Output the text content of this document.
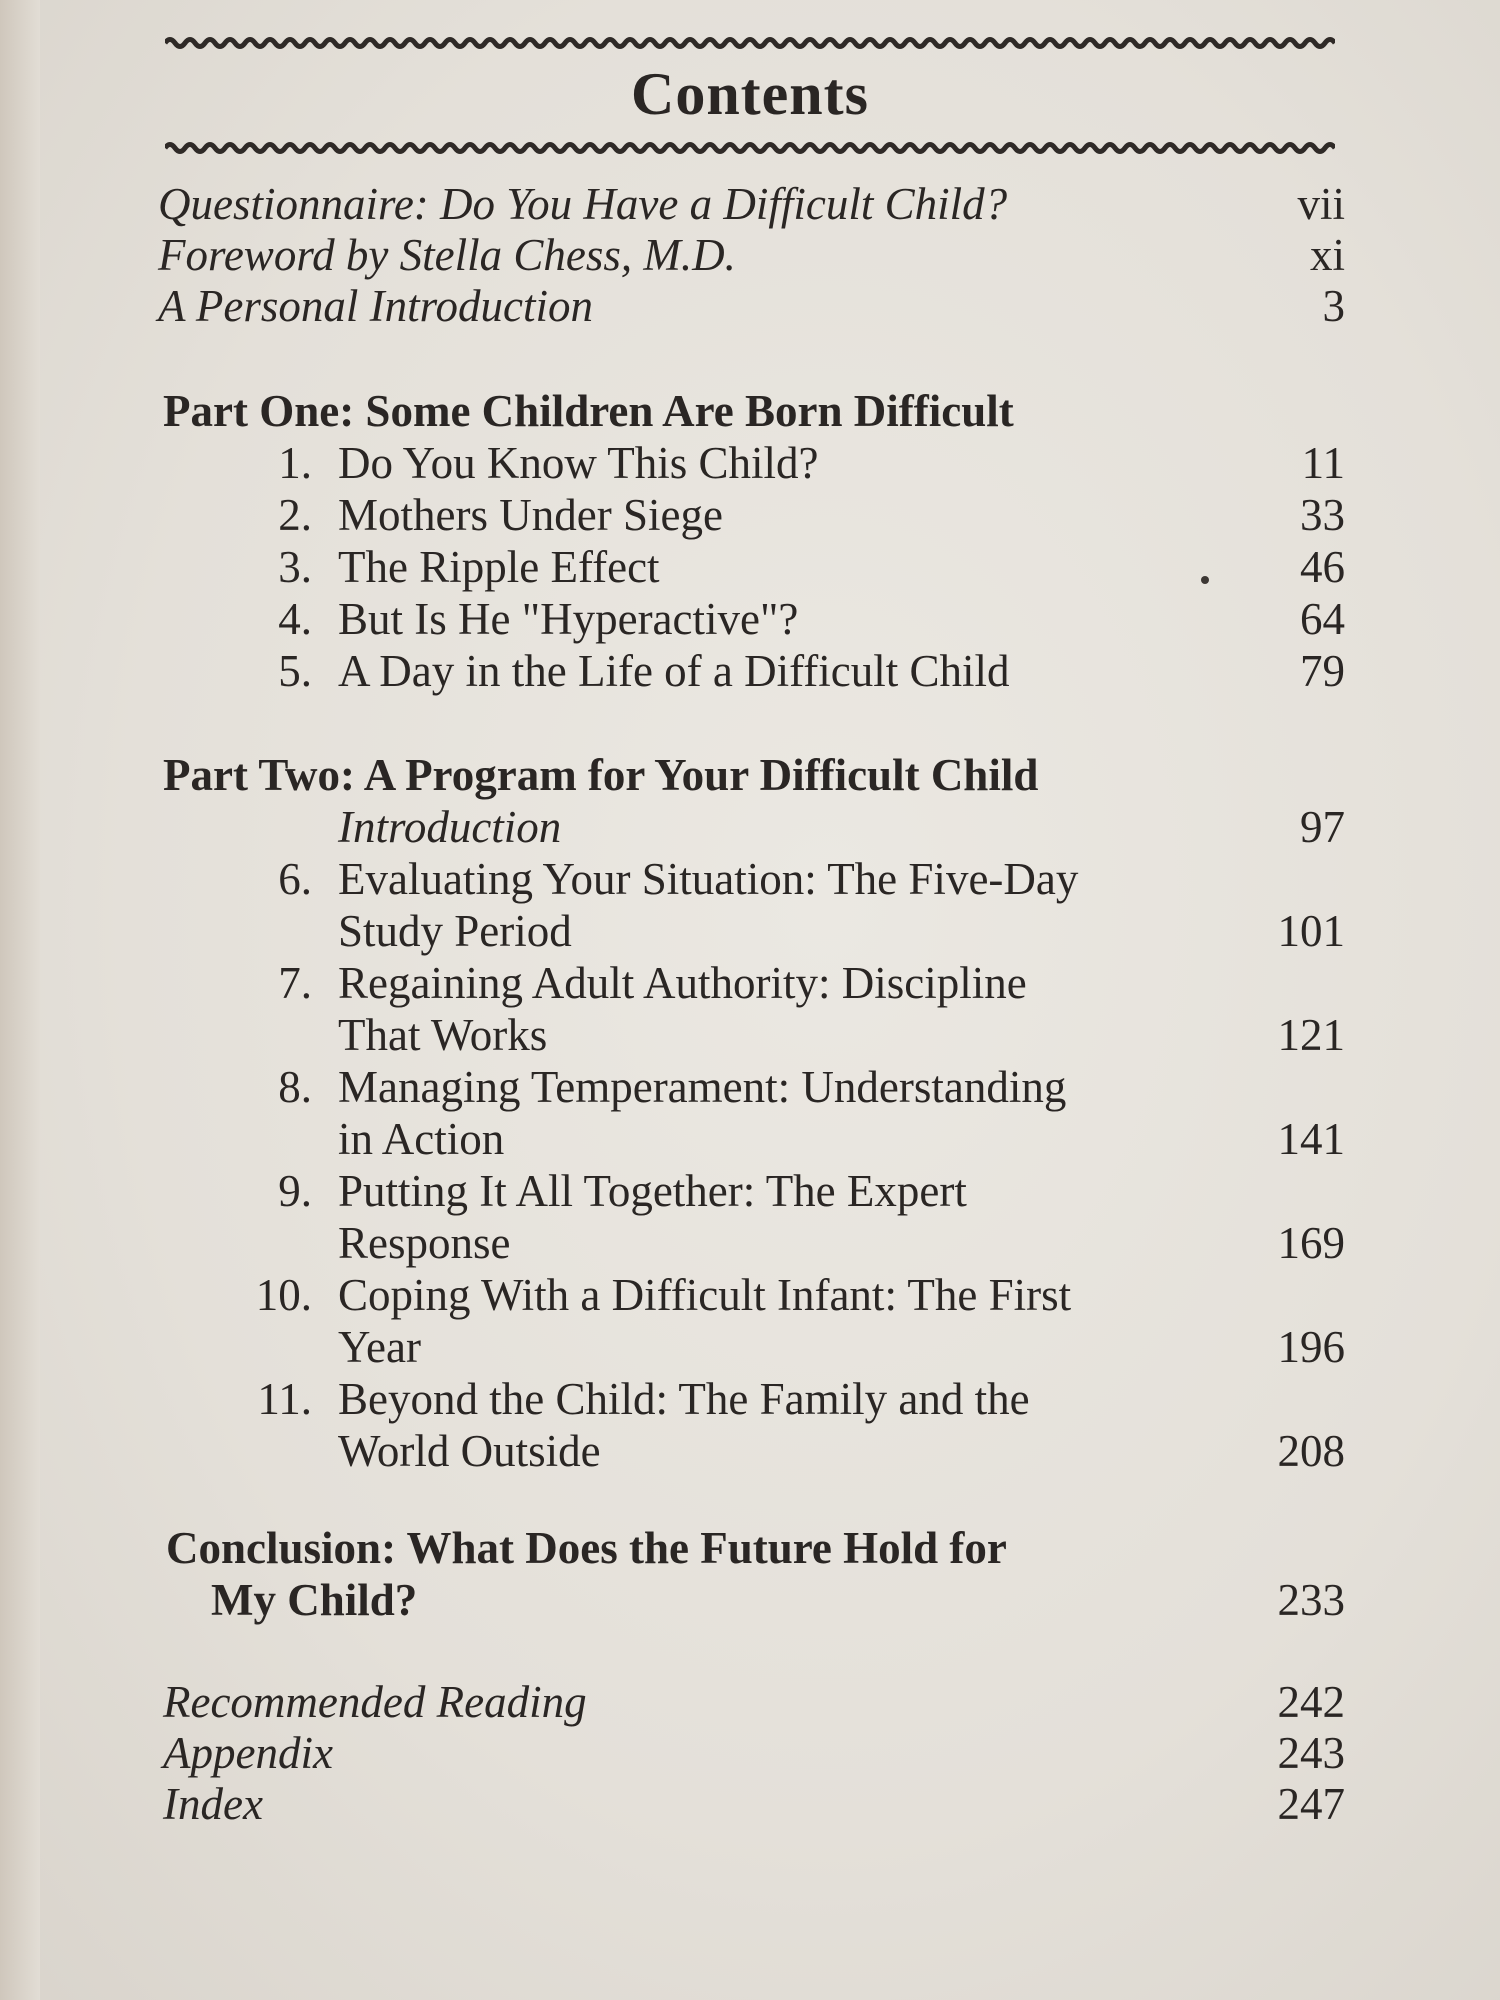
Contents
Questionnaire: Do You Have a Difficult Child?	vii
Foreword by Stella Chess, M.D.	xi
A Personal Introduction	3
Part One: Some Children Are Born Difficult
1. Do You Know This Child?	11
2. Mothers Under Siege	33
3. The Ripple Effect	46
4. But Is He "Hyperactive"?	64
5. A Day in the Life of a Difficult Child	79
Part Two: A Program for Your Difficult Child
Introduction	97
6. Evaluating Your Situation: The Five-Day
Study Period	101
7. Regaining Adult Authority: Discipline
That Works	121
8. Managing Temperament: Understanding
in Action	141
9. Putting It All Together: The Expert
Response	169
10. Coping With a Difficult Infant: The First
Year	196
11. Beyond the Child: The Family and the
World Outside	208
Conclusion: What Does the Future Hold for
My Child?	233
Recommended Reading	242
Appendix	243
Index	247
